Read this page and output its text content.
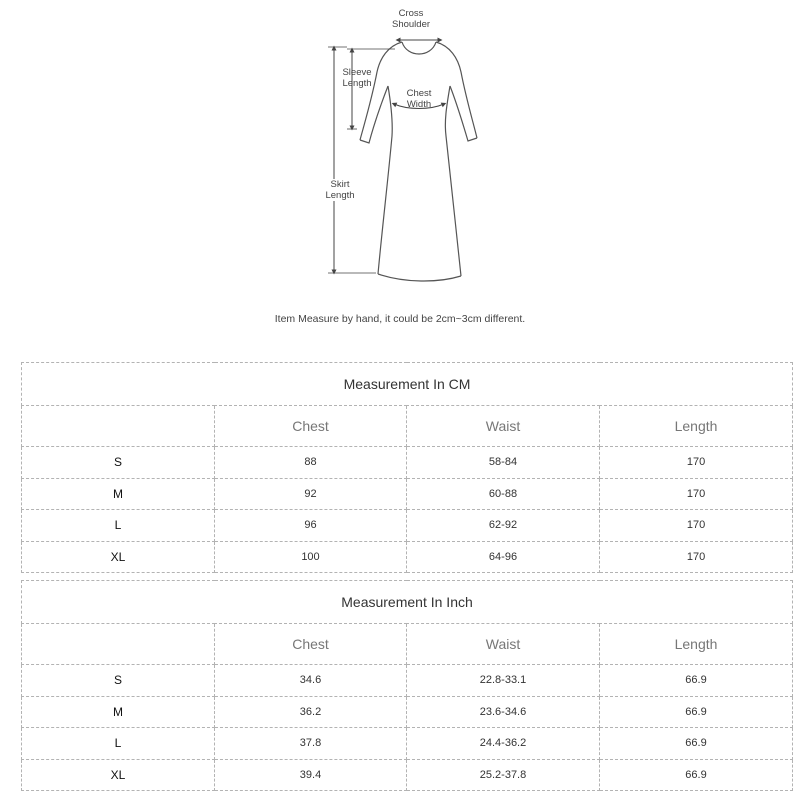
Cross
Shoulder
Sleeve
Length
Chest
Width
Skirt
Length
Item Measure by hand, it could be 2cm~3cm different.
Measurement In CM			
	Chest	Waist	Length
S	88	58-84	170
M	92	60-88	170
L	96	62-92	170
XL	100	64-96	170
Measurement In Inch			
	Chest	Waist	Length
S	34.6	22.8-33.1	66.9
M	36.2	23.6-34.6	66.9
L	37.8	24.4-36.2	66.9
XL	39.4	25.2-37.8	66.9
